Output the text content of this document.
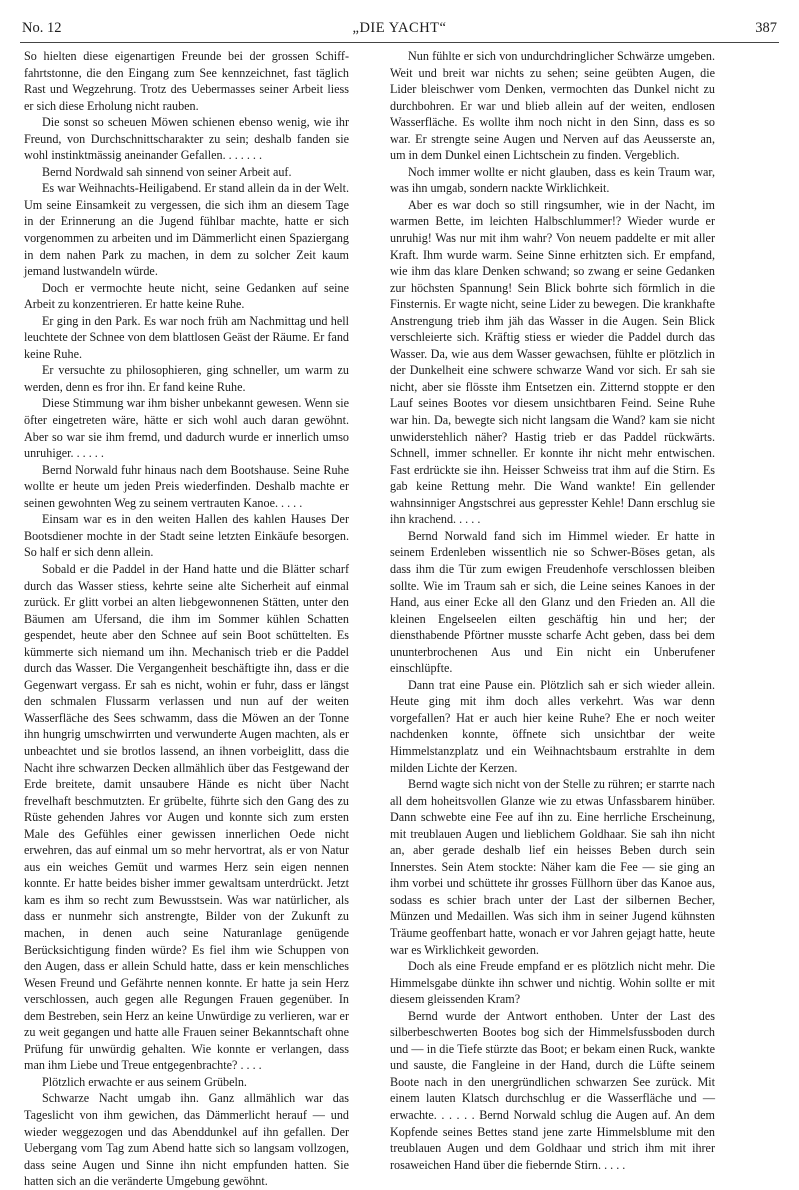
No. 12	„DIE YACHT“	387

So hielten diese eigenartigen Freunde bei der grossen Schifffahrtstonne, die den Eingang zum See kennzeichnet, fast täglich Rast und Wegzehrung. Trotz des Uebermasses seiner Arbeit liess er sich diese Erholung nicht rauben.

Die sonst so scheuen Möwen schienen ebenso wenig, wie ihr Freund, von Durchschnittscharakter zu sein; deshalb fanden sie wohl instinktmässig aneinander Gefallen. . . . . . .

Bernd Nordwald sah sinnend von seiner Arbeit auf.

Es war Weihnachts-Heiligabend. Er stand allein da in der Welt. Um seine Einsamkeit zu vergessen, die sich ihm an diesem Tage in der Erinnerung an die Jugend fühlbar machte, hatte er sich vorgenommen zu arbeiten und im Dämmerlicht einen Spaziergang in dem nahen Park zu machen, in dem zu solcher Zeit kaum jemand lustwandeln würde.

Doch er vermochte heute nicht, seine Gedanken auf seine Arbeit zu konzentrieren. Er hatte keine Ruhe.

Er ging in den Park. Es war noch früh am Nachmittag und hell leuchtete der Schnee von dem blattlosen Geäst der Räume. Er fand keine Ruhe.

Er versuchte zu philosophieren, ging schneller, um warm zu werden, denn es fror ihn. Er fand keine Ruhe.

Diese Stimmung war ihm bisher unbekannt gewesen. Wenn sie öfter eingetreten wäre, hätte er sich wohl auch daran gewöhnt. Aber so war sie ihm fremd, und dadurch wurde er innerlich umso unruhiger. . . . . .

Bernd Norwald fuhr hinaus nach dem Bootshause. Seine Ruhe wollte er heute um jeden Preis wiederfinden. Deshalb machte er seinen gewohnten Weg zu seinem vertrauten Kanoe. . . . .

Einsam war es in den weiten Hallen des kahlen Hauses Der Bootsdiener mochte in der Stadt seine letzten Einkäufe besorgen. So half er sich denn allein.

Sobald er die Paddel in der Hand hatte und die Blätter scharf durch das Wasser stiess, kehrte seine alte Sicherheit auf einmal zurück. Er glitt vorbei an alten liebgewonnenen Stätten, unter den Bäumen am Ufersand, die ihm im Sommer kühlen Schatten gespendet, heute aber den Schnee auf sein Boot schüttelten. Es kümmerte sich niemand um ihn. Mechanisch trieb er die Paddel durch das Wasser. Die Vergangenheit beschäftigte ihn, dass er die Gegenwart vergass. Er sah es nicht, wohin er fuhr, dass er längst den schmalen Flussarm verlassen und nun auf der weiten Wasserfläche des Sees schwamm, dass die Möwen an der Tonne ihn hungrig umschwirrten und verwunderte Augen machten, als er unbeachtet und sie brotlos lassend, an ihnen vorbeiglitt, dass die Nacht ihre schwarzen Decken allmählich über das Festgewand der Erde breitete, damit unsaubere Hände es nicht über Nacht frevelhaft beschmutzten. Er grübelte, führte sich den Gang des zu Rüste gehenden Jahres vor Augen und konnte sich zum ersten Male des Gefühles einer gewissen innerlichen Oede nicht erwehren, das auf einmal um so mehr hervortrat, als er von Natur aus ein weiches Gemüt und warmes Herz sein eigen nennen konnte. Er hatte beides bisher immer gewaltsam unterdrückt. Jetzt kam es ihm so recht zum Bewusstsein. Was war natürlicher, als dass er nunmehr sich anstrengte, Bilder von der Zukunft zu machen, in denen auch seine Naturanlage genügende Berücksichtigung finden würde? Es fiel ihm wie Schuppen von den Augen, dass er allein Schuld hatte, dass er kein menschliches Wesen Freund und Gefährte nennen konnte. Er hatte ja sein Herz verschlossen, auch gegen alle Regungen Frauen gegenüber. In dem Bestreben, sein Herz an keine Unwürdige zu verlieren, war er zu weit gegangen und hatte alle Frauen seiner Bekanntschaft ohne Prüfung für unwürdig gehalten. Wie konnte er verlangen, dass man ihm Liebe und Treue entgegenbrachte? . . . .

Plötzlich erwachte er aus seinem Grübeln.

Schwarze Nacht umgab ihn. Ganz allmählich war das Tageslicht von ihm gewichen, das Dämmerlicht herauf — und wieder weggezogen und das Abenddunkel auf ihn gefallen. Der Uebergang vom Tag zum Abend hatte sich so langsam vollzogen, dass seine Augen und Sinne ihn nicht empfunden hatten. Sie hatten sich an die veränderte Umgebung gewöhnt.

Nun fühlte er sich von undurchdringlicher Schwärze umgeben. Weit und breit war nichts zu sehen; seine geübten Augen, die Lider bleischwer vom Denken, vermochten das Dunkel nicht zu durchbohren. Er war und blieb allein auf der weiten, endlosen Wasserfläche. Es wollte ihm noch nicht in den Sinn, dass es so war. Er strengte seine Augen und Nerven auf das Aeusserste an, um in dem Dunkel einen Lichtschein zu finden. Vergeblich.

Noch immer wollte er nicht glauben, dass es kein Traum war, was ihn umgab, sondern nackte Wirklichkeit.

Aber es war doch so still ringsumher, wie in der Nacht, im warmen Bette, im leichten Halbschlummer!? Wieder wurde er unruhig! Was nur mit ihm wahr? Von neuem paddelte er mit aller Kraft. Ihm wurde warm. Seine Sinne erhitzten sich. Er empfand, wie ihm das klare Denken schwand; so zwang er seine Gedanken zur höchsten Spannung! Sein Blick bohrte sich förmlich in die Finsternis. Er wagte nicht, seine Lider zu bewegen. Die krankhafte Anstrengung trieb ihm jäh das Wasser in die Augen. Sein Blick verschleierte sich. Kräftig stiess er wieder die Paddel durch das Wasser. Da, wie aus dem Wasser gewachsen, fühlte er plötzlich in der Dunkelheit eine schwere schwarze Wand vor sich. Er sah sie nicht, aber sie flösste ihm Entsetzen ein. Zitternd stoppte er den Lauf seines Bootes vor diesem unsichtbaren Feind. Seine Ruhe war hin. Da, bewegte sich nicht langsam die Wand? kam sie nicht unwiderstehlich näher? Hastig trieb er das Paddel rückwärts. Schnell, immer schneller. Er konnte ihr nicht mehr entwischen. Fast erdrückte sie ihn. Heisser Schweiss trat ihm auf die Stirn. Es gab keine Rettung mehr. Die Wand wankte! Ein gellender wahnsinniger Angstschrei aus gepresster Kehle! Dann erschlug sie ihn krachend. . . . .

Bernd Norwald fand sich im Himmel wieder. Er hatte in seinem Erdenleben wissentlich nie so Schwer-Böses getan, als dass ihm die Tür zum ewigen Freudenhofe verschlossen bleiben sollte. Wie im Traum sah er sich, die Leine seines Kanoes in der Hand, aus einer Ecke all den Glanz und den Frieden an. All die kleinen Engelseelen eilten geschäftig hin und her; der diensthabende Pförtner musste scharfe Acht geben, dass bei dem ununterbrochenen Aus und Ein nicht ein Unberufener einschlüpfte.

Dann trat eine Pause ein. Plötzlich sah er sich wieder allein. Heute ging mit ihm doch alles verkehrt. Was war denn vorgefallen? Hat er auch hier keine Ruhe? Ehe er noch weiter nachdenken konnte, öffnete sich unsichtbar der weite Himmelstanzplatz und ein Weihnachtsbaum erstrahlte in dem milden Lichte der Kerzen.

Bernd wagte sich nicht von der Stelle zu rühren; er starrte nach all dem hoheitsvollen Glanze wie zu etwas Unfassbarem hinüber. Dann schwebte eine Fee auf ihn zu. Eine herrliche Erscheinung, mit treublauen Augen und lieblichem Goldhaar. Sie sah ihn nicht an, aber gerade deshalb lief ein heisses Beben durch sein Innerstes. Sein Atem stockte: Näher kam die Fee — sie ging an ihm vorbei und schüttete ihr grosses Füllhorn über das Kanoe aus, sodass es schier brach unter der Last der silbernen Becher, Münzen und Medaillen. Was sich ihm in seiner Jugend kühnsten Träume geoffenbart hatte, wonach er vor Jahren gejagt hatte, heute war es Wirklichkeit geworden.

Doch als eine Freude empfand er es plötzlich nicht mehr. Die Himmelsgabe dünkte ihn schwer und nichtig. Wohin sollte er mit diesem gleissenden Kram?

Bernd wurde der Antwort enthoben. Unter der Last des silberbeschwerten Bootes bog sich der Himmelsfussboden durch und — in die Tiefe stürzte das Boot; er bekam einen Ruck, wankte und sauste, die Fangleine in der Hand, durch die Lüfte seinem Boote nach in den unergründlichen schwarzen See zurück. Mit einem lauten Klatsch durchschlug er die Wasserfläche und — erwachte. . . . . . Bernd Norwald schlug die Augen auf. An dem Kopfende seines Bettes stand jene zarte Himmelsblume mit den treublauen Augen und dem Goldhaar und strich ihm mit ihrer rosaweichen Hand über die fiebernde Stirn. . . . .
